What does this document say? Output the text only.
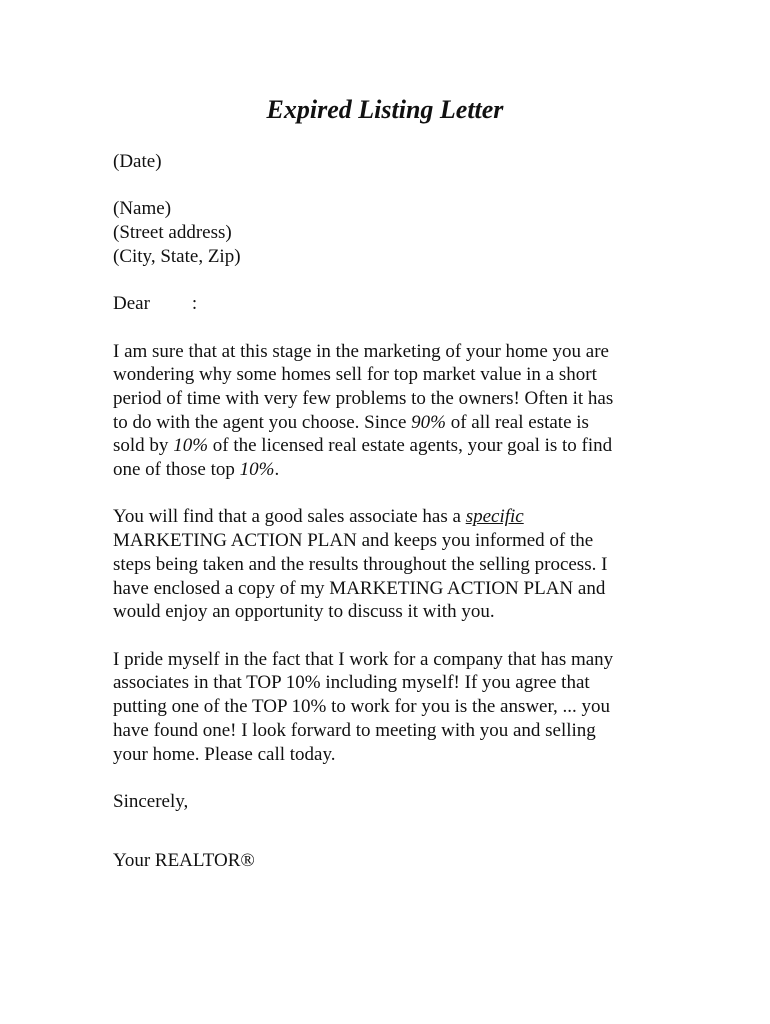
Expired Listing Letter

(Date)

(Name)
(Street address)
(City, State, Zip)

Dear :

I am sure that at this stage in the marketing of your home you are
wondering why some homes sell for top market value in a short
period of time with very few problems to the owners! Often it has
to do with the agent you choose. Since 90% of all real estate is
sold by 10% of the licensed real estate agents, your goal is to find
one of those top 10%.
You will find that a good sales associate has a specific
MARKETING ACTION PLAN and keeps you informed of the
steps being taken and the results throughout the selling process. I
have enclosed a copy of my MARKETING ACTION PLAN and
would enjoy an opportunity to discuss it with you.
I pride myself in the fact that I work for a company that has many
associates in that TOP 10% including myself! If you agree that
putting one of the TOP 10% to work for you is the answer, ... you
have found one! I look forward to meeting with you and selling
your home. Please call today.

Sincerely,

Your REALTOR®
